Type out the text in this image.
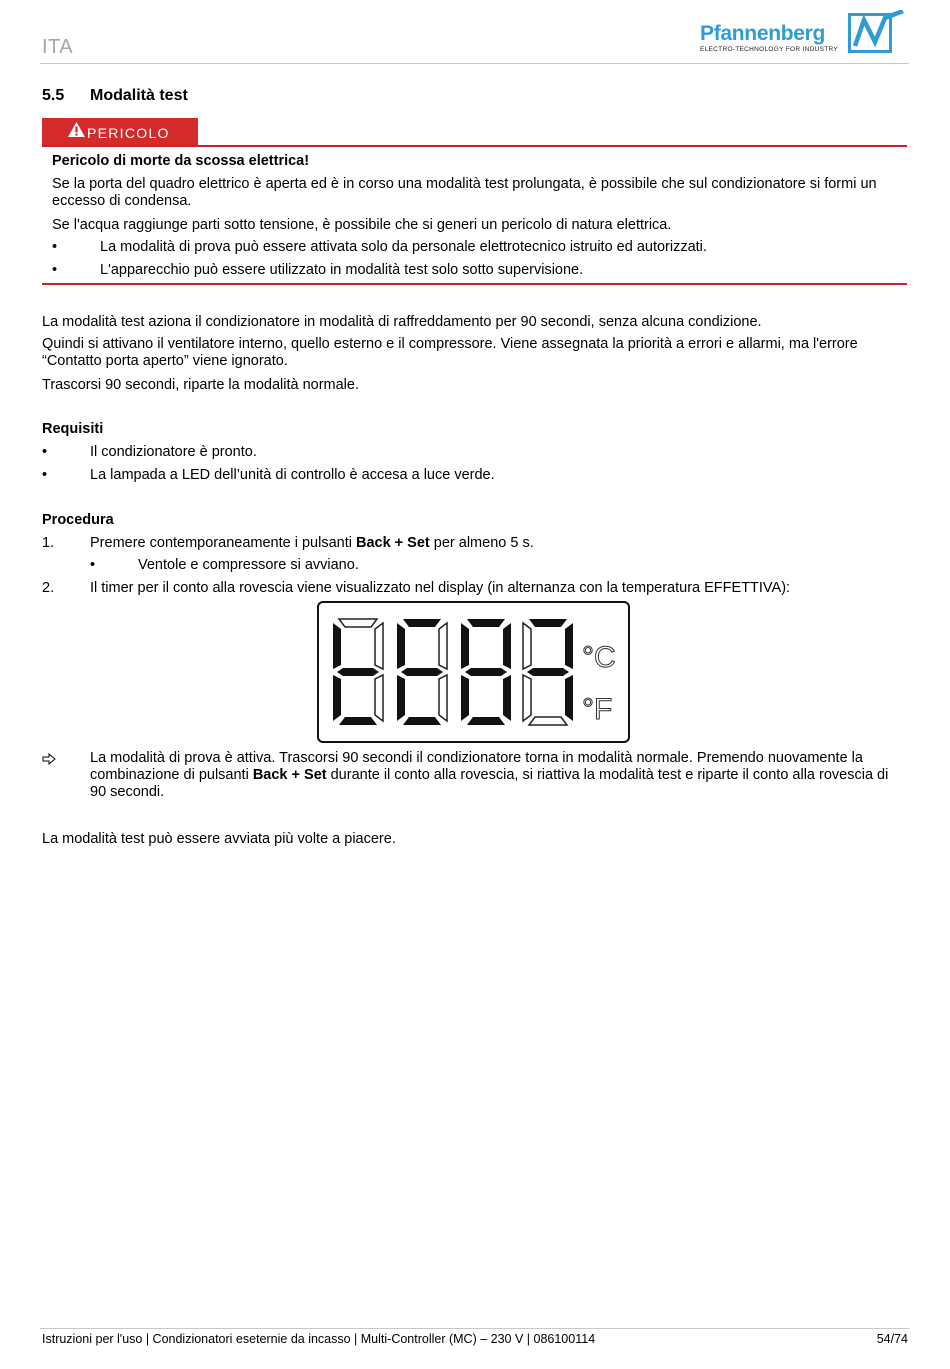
ITA
Pfannenberg
ELECTRO-TECHNOLOGY FOR INDUSTRY
5.5 Modalità test
PERICOLO
Pericolo di morte da scossa elettrica!
Se la porta del quadro elettrico è aperta ed è in corso una modalità test prolungata, è possibile che sul condizionatore si formi un eccesso di condensa.
Se l'acqua raggiunge parti sotto tensione, è possibile che si generi un pericolo di natura elettrica.
•	La modalità di prova può essere attivata solo da personale elettrotecnico istruito ed autorizzati.
•	L'apparecchio può essere utilizzato in modalità test solo sotto supervisione.
La modalità test aziona il condizionatore in modalità di raffreddamento per 90 secondi, senza alcuna condizione.
Quindi si attivano il ventilatore interno, quello esterno e il compressore. Viene assegnata la priorità a errori e allarmi, ma l'errore “Contatto porta aperto” viene ignorato.
Trascorsi 90 secondi, riparte la modalità normale.
Requisiti
•	Il condizionatore è pronto.
•	La lampada a LED dell’unità di controllo è accesa a luce verde.
Procedura
1. Premere contemporaneamente i pulsanti Back + Set per almeno 5 s.
•	Ventole e compressore si avviano.
2. Il timer per il conto alla rovescia viene visualizzato nel display (in alternanza con la temperatura EFFETTIVA):
°C
°F
La modalità di prova è attiva. Trascorsi 90 secondi il condizionatore torna in modalità normale. Premendo nuovamente la combinazione di pulsanti Back + Set durante il conto alla rovescia, si riattiva la modalità test e riparte il conto alla rovescia di 90 secondi.
La modalità test può essere avviata più volte a piacere.
Istruzioni per l'uso | Condizionatori eseternie da incasso | Multi-Controller (MC) – 230 V | 086100114	54/74
